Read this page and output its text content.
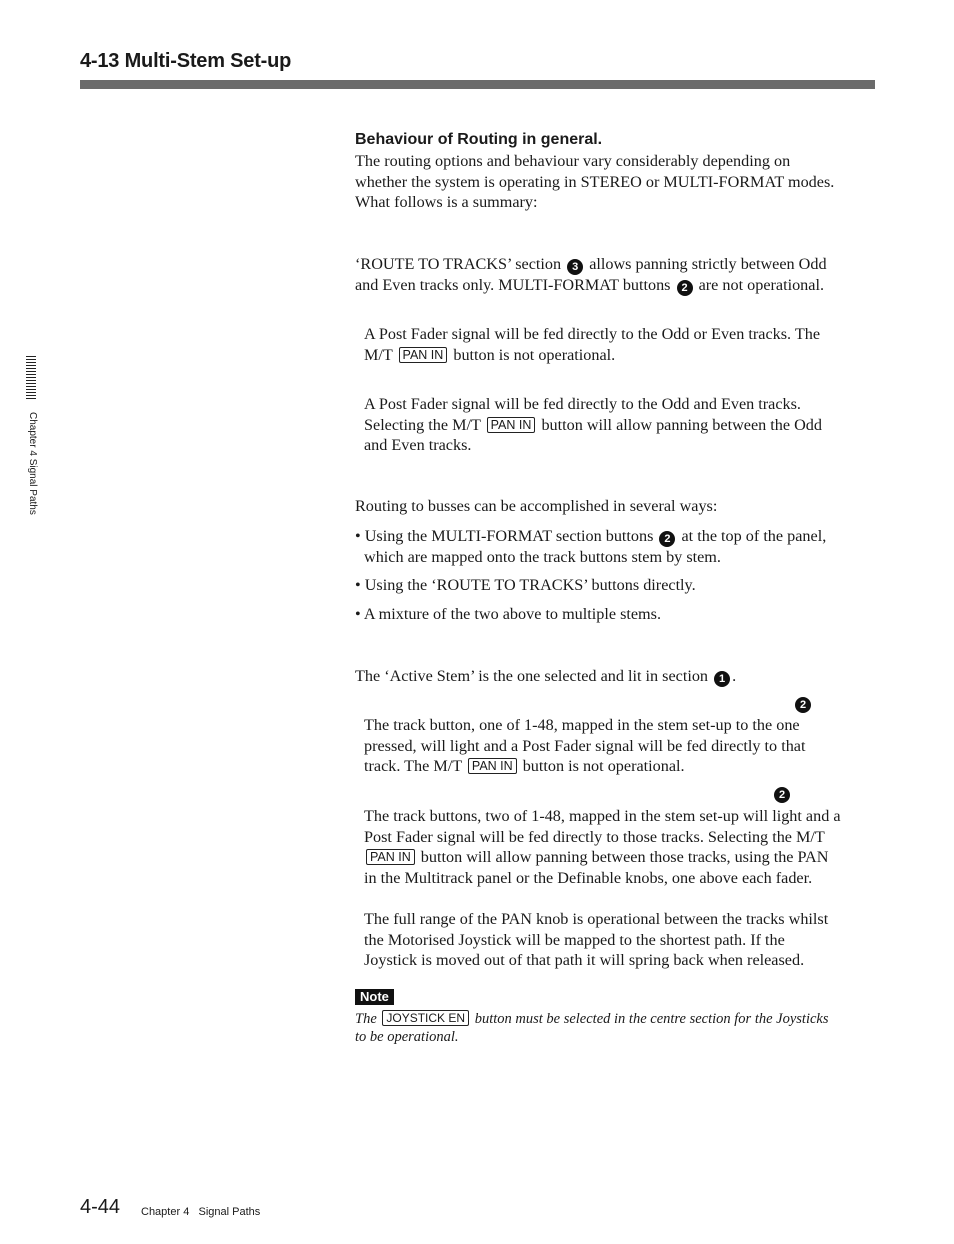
4-13 Multi-Stem Set-up
Chapter 4 Signal Paths
Behaviour of Routing in general.

The routing options and behaviour vary considerably depending on
whether the system is operating in STEREO or MULTI-FORMAT modes.
What follows is a summary:

‘ROUTE TO TRACKS’ section 3 allows panning strictly between Odd
and Even tracks only. MULTI-FORMAT buttons 2 are not operational.

A Post Fader signal will be fed directly to the Odd or Even tracks. The
M/T PAN IN button is not operational.

A Post Fader signal will be fed directly to the Odd and Even tracks.
Selecting the M/T PAN IN button will allow panning between the Odd
and Even tracks.

Routing to busses can be accomplished in several ways:

• Using the MULTI-FORMAT section buttons 2 at the top of the panel,
which are mapped onto the track buttons stem by stem.

• Using the ‘ROUTE TO TRACKS’ buttons directly.

• A mixture of the two above to multiple stems.

The ‘Active Stem’ is the one selected and lit in section 1 .

2

The track button, one of 1-48, mapped in the stem set-up to the one
pressed, will light and a Post Fader signal will be fed directly to that
track. The M/T PAN IN button is not operational.

2

The track buttons, two of 1-48, mapped in the stem set-up will light and a
Post Fader signal will be fed directly to those tracks. Selecting the M/T
PAN IN button will allow panning between those tracks, using the PAN
in the Multitrack panel or the Definable knobs, one above each fader.

The full range of the PAN knob is operational between the tracks whilst
the Motorised Joystick will be mapped to the shortest path. If the
Joystick is moved out of that path it will spring back when released.

Note

The JOYSTICK EN button must be selected in the centre section for the Joysticks
to be operational.

4-44 Chapter 4   Signal Paths
